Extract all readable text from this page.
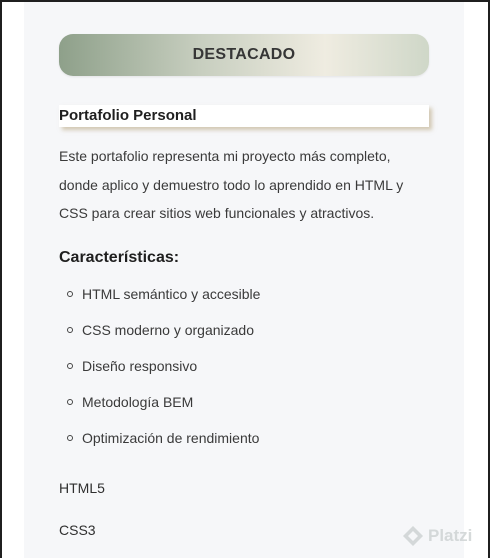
DESTACADO
Portafolio Personal

Este portafolio representa mi proyecto más completo, donde aplico y demuestro todo lo aprendido en HTML y CSS para crear sitios web funcionales y atractivos.

Características:
HTML semántico y accesible
CSS moderno y organizado
Diseño responsivo
Metodología BEM
Optimización de rendimiento

HTML5

CSS3	Platzi
